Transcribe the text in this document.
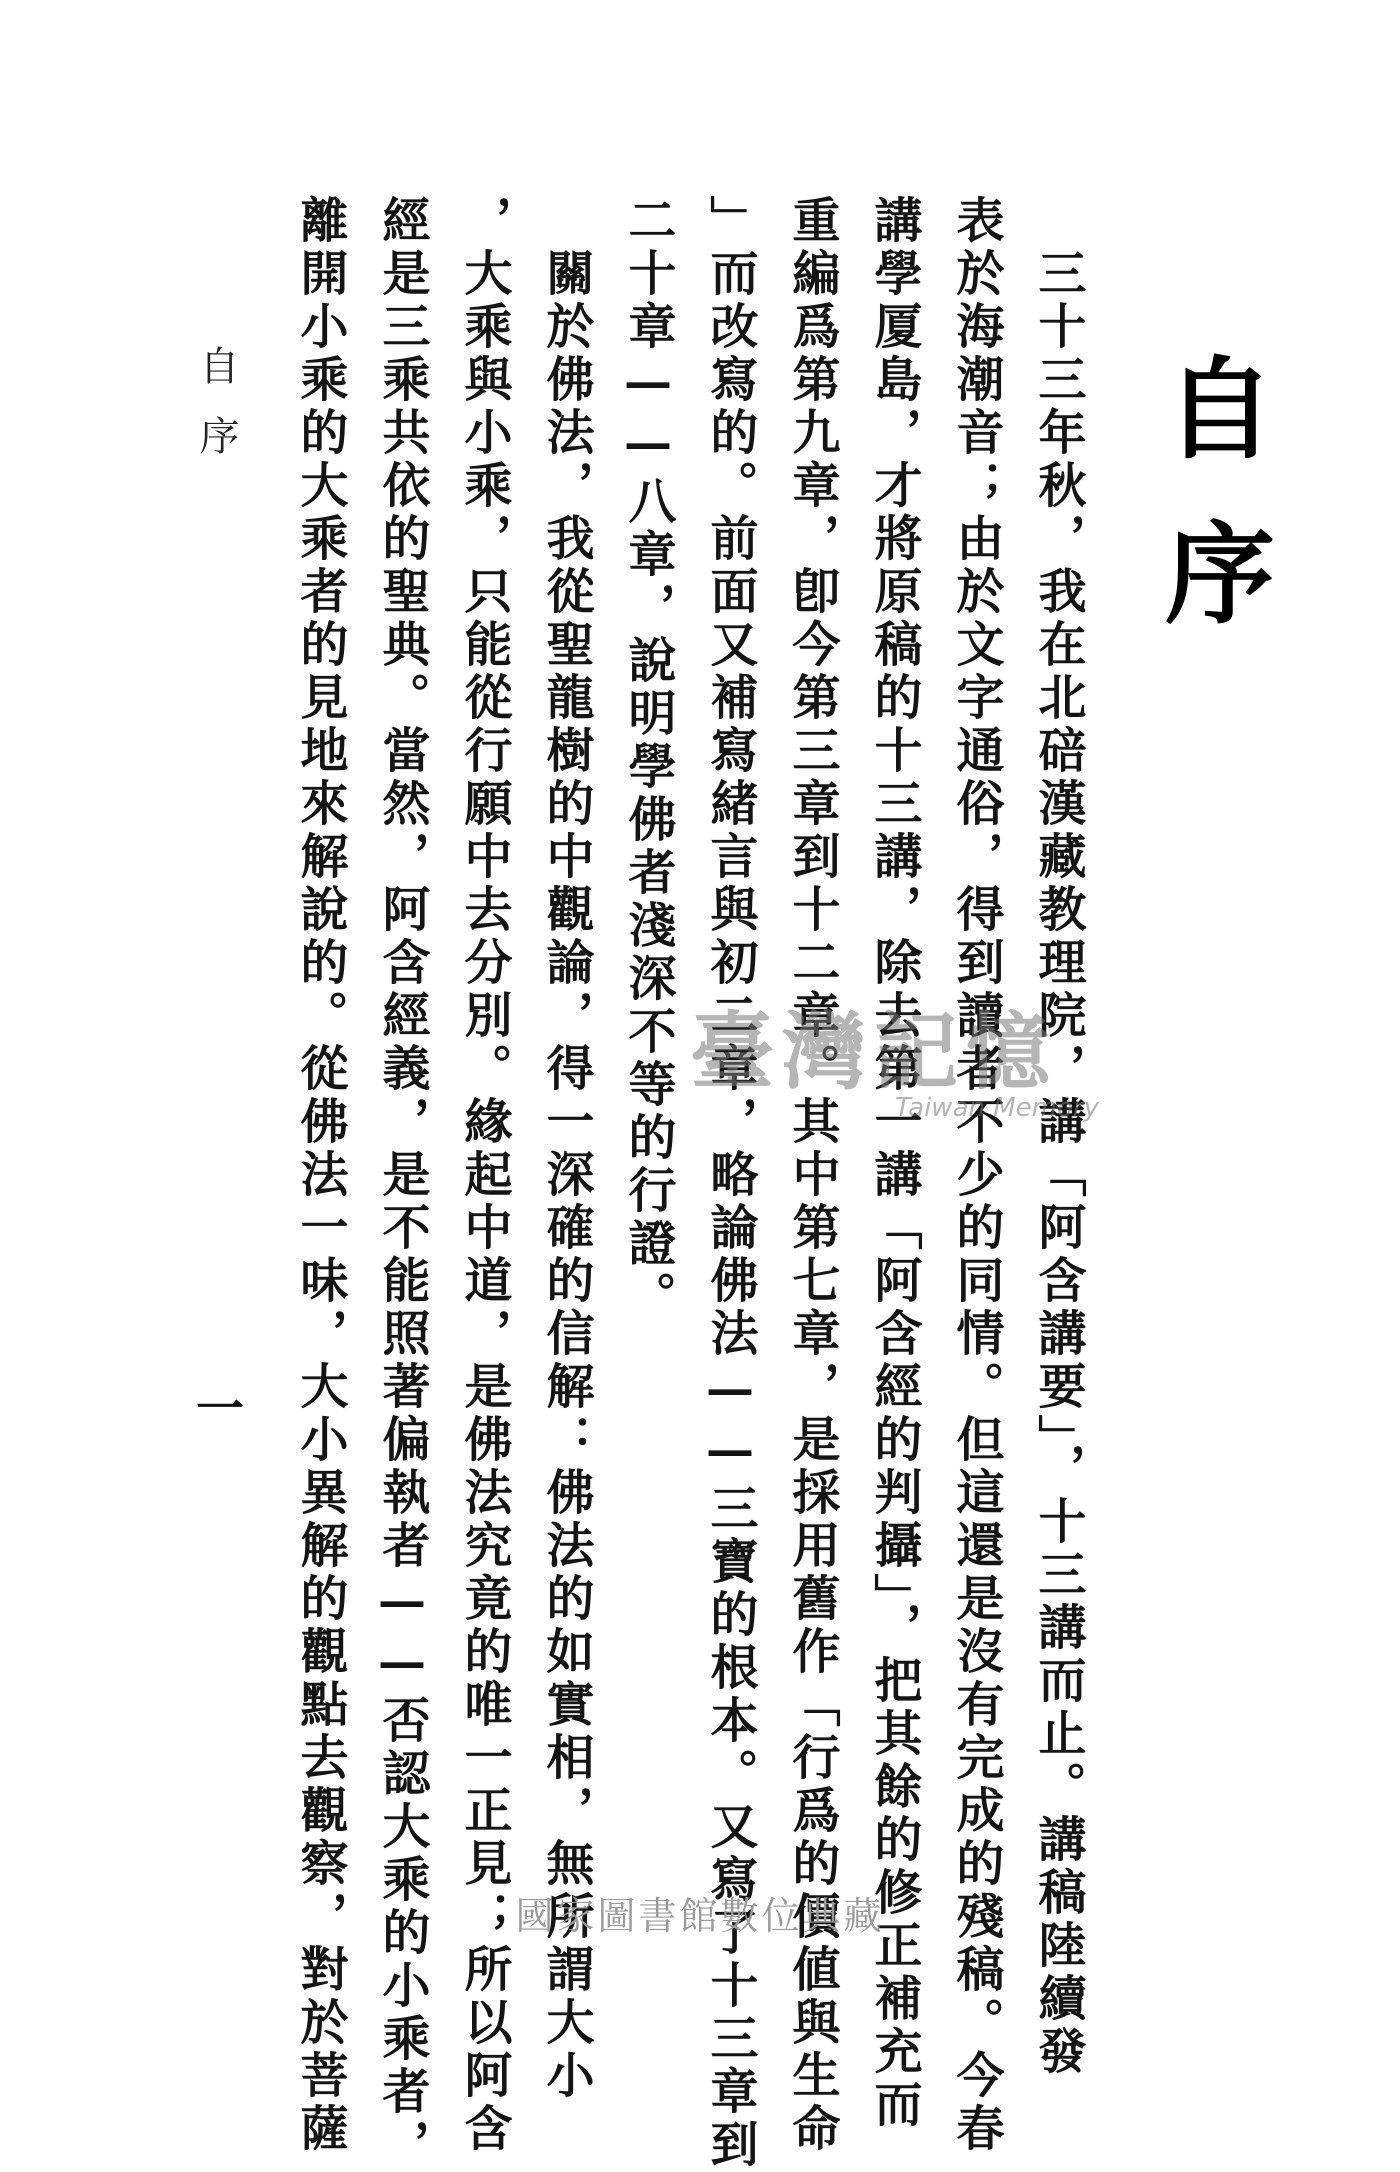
自
序
　三十三年秋，我在北碚漢藏教理院，講「阿含講要」，十三講而止。講稿陸續發
表於海潮音；由於文字通俗，得到讀者不少的同情。但這還是沒有完成的殘稿。今春
講學厦島，才將原稿的十三講，除去第一講「阿含經的判攝」，把其餘的修正補充而
重編爲第九章，卽今第三章到十二章。其中第七章，是採用舊作「行爲的價値與生命
」而改寫的。前面又補寫緒言與初二章，略論佛法——三寶的根本。又寫了十三章到
二十章——八章，說明學佛者淺深不等的行證。
　關於佛法，我從聖龍樹的中觀論，得一深確的信解：佛法的如實相，無所謂大小
，大乘與小乘，只能從行願中去分別。緣起中道，是佛法究竟的唯一正見；所以阿含
經是三乘共依的聖典。當然，阿含經義，是不能照著偏執者——否認大乘的小乘者，
離開小乘的大乘者的見地來解說的。從佛法一味，大小異解的觀點去觀察，對於菩薩
自序
一
臺灣記憶
Taiwan Memory
國家圖書館數位典藏
